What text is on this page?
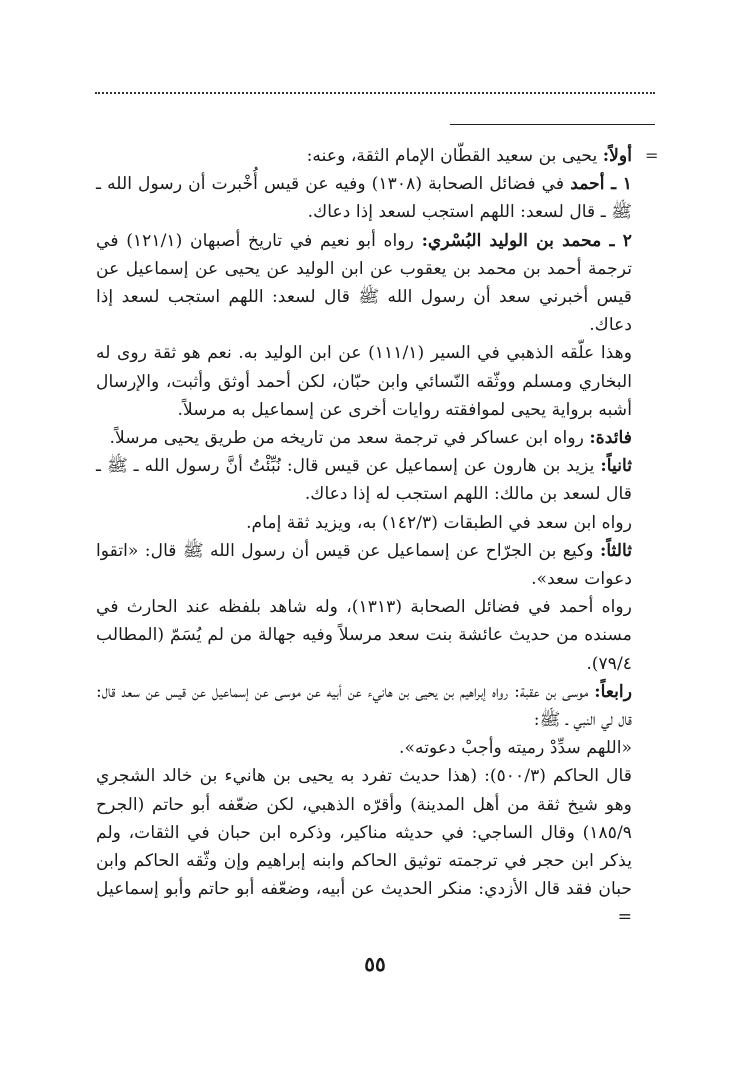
=

أولاً: يحيى بن سعيد القطّان الإمام الثقة، وعنه:

١ ـ أحمد في فضائل الصحابة (١٣٠٨) وفيه عن قيس أُخْبرت أن رسول الله ـ ﷺ ـ قال لسعد: اللهم استجب لسعد إذا دعاك.

٢ ـ محمد بن الوليد البُسْري: رواه أبو نعيم في تاريخ أصبهان (١٢١/١) في ترجمة أحمد بن محمد بن يعقوب عن ابن الوليد عن يحيى عن إسماعيل عن قيس أخبرني سعد أن رسول الله ﷺ قال لسعد: اللهم استجب لسعد إذا دعاك.

وهذا علّقه الذهبي في السير (١١١/١) عن ابن الوليد به. نعم هو ثقة روى له البخاري ومسلم ووثّقه النّسائي وابن حبّان، لكن أحمد أوثق وأثبت، والإرسال أشبه برواية يحيى لموافقته روايات أخرى عن إسماعيل به مرسلاً.

فائدة: رواه ابن عساكر في ترجمة سعد من تاريخه من طريق يحيى مرسلاً.

ثانياً: يزيد بن هارون عن إسماعيل عن قيس قال: نُبِّئْتُ أنَّ رسول الله ـ ﷺ ـ قال لسعد بن مالك: اللهم استجب له إذا دعاك.

رواه ابن سعد في الطبقات (١٤٢/٣) به، ويزيد ثقة إمام.

ثالثاً: وكيع بن الجرّاح عن إسماعيل عن قيس أن رسول الله ﷺ قال: «اتقوا دعوات سعد».

رواه أحمد في فضائل الصحابة (١٣١٣)، وله شاهد بلفظه عند الحارث في مسنده من حديث عائشة بنت سعد مرسلاً وفيه جهالة من لم يُسَمّ (المطالب ٧٩/٤).

رابعاً: موسى بن عقبة: رواه إبراهيم بن يحيى بن هانيء عن أبيه عن موسى عن إسماعيل عن قيس عن سعد قال: قال لي النبي ـ ﷺ:

«اللهم سدِّدْ رميته وأجبْ دعوته».

قال الحاكم (٥٠٠/٣): (هذا حديث تفرد به يحيى بن هانيء بن خالد الشجري وهو شيخ ثقة من أهل المدينة) وأقرّه الذهبي، لكن ضعّفه أبو حاتم (الجرح ١٨٥/٩) وقال الساجي: في حديثه مناكير، وذكره ابن حبان في الثقات، ولم يذكر ابن حجر في ترجمته توثيق الحاكم وابنه إبراهيم وإن وثّقه الحاكم وابن حبان فقد قال الأزدي: منكر الحديث عن أبيه، وضعّفه أبو حاتم وأبو إسماعيل =

٥٥
